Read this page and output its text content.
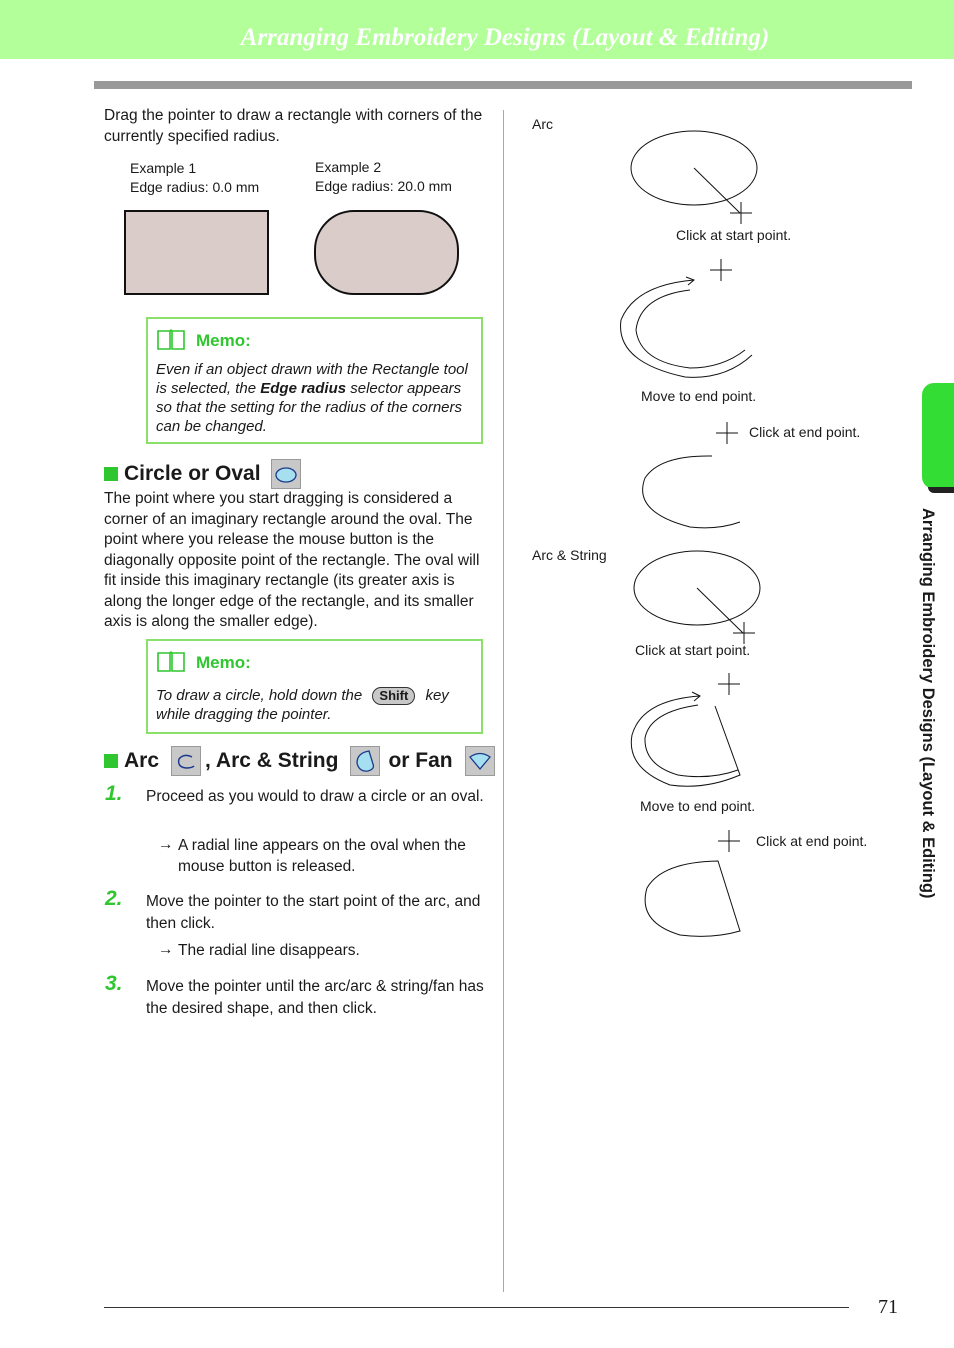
Arranging Embroidery Designs (Layout & Editing)

Drag the pointer to draw a rectangle with corners of the currently specified radius.

Example 1
Edge radius: 0.0 mm
Example 2
Edge radius: 20.0 mm
Memo:
Even if an object drawn with the Rectangle tool is selected, the Edge radius selector appears so that the setting for the radius of the corners can be changed.
Circle or Oval

The point where you start dragging is considered a corner of an imaginary rectangle around the oval. The point where you release the mouse button is the diagonally opposite point of the rectangle. The oval will fit inside this imaginary rectangle (its greater axis is along the longer edge of the rectangle, and its smaller axis is along the smaller edge).

Memo:
To draw a circle, hold down the Shift key while dragging the pointer.
Arc , Arc & String or Fan
1. Proceed as you would to draw a circle or an oval.

→ A radial line appears on the oval when the mouse button is released.

2. Move the pointer to the start point of the arc, and then click.

→ The radial line disappears.

3. Move the pointer until the arc/arc & string/fan has the desired shape, and then click.

Arc
Arc & String
Click at start point.
Move to end point.
Click at end point.
Click at start point.
Move to end point.
Click at end point.	Arranging Embroidery Designs (Layout & Editing)
71
